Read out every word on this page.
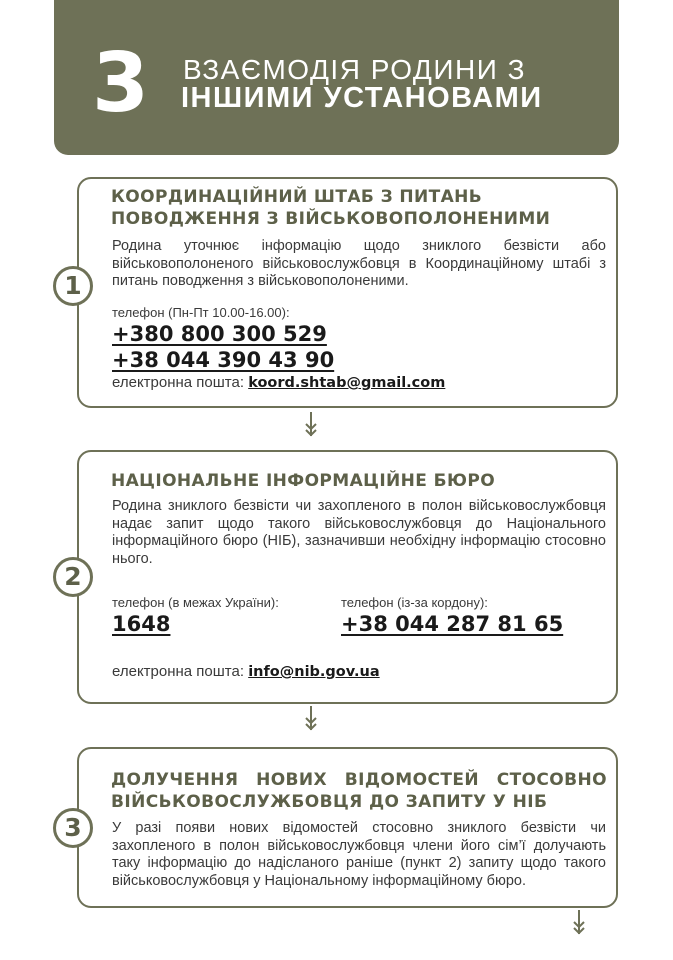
3 ВЗАЄМОДІЯ РОДИНИ З
ІНШИМИ УСТАНОВАМИ
1
КООРДИНАЦІЙНИЙ ШТАБ З ПИТАНЬ
ПОВОДЖЕННЯ З ВІЙСЬКОВОПОЛОНЕНИМИ
Родина уточнює інформацію щодо зниклого безвісти або військовополоненого військовослужбовця в Координаційному штабі з питань поводження з військовополоненими.
телефон (Пн-Пт 10.00-16.00):
+380 800 300 529
+38 044 390 43 90
електронна пошта: koord.shtab@gmail.com
2
НАЦІОНАЛЬНЕ ІНФОРМАЦІЙНЕ БЮРО
Родина зниклого безвісти чи захопленого в полон військовослужбовця надає запит щодо такого військовослужбовця до Національного інформаційного бюро (НІБ), зазначивши необхідну інформацію стосовно нього.
телефон (в межах України):
1648
телефон (із-за кордону):
+38 044 287 81 65
електронна пошта: info@nib.gov.ua
3
ДОЛУЧЕННЯ НОВИХ ВІДОМОСТЕЙ СТОСОВНО
ВІЙСЬКОВОСЛУЖБОВЦЯ ДО ЗАПИТУ У НІБ
У разі появи нових відомостей стосовно зниклого безвісти чи захопленого в полон військовослужбовця члени його сім’ї долучають таку інформацію до надісланого раніше (пункт 2) запиту щодо такого військовослужбовця у Національному інформаційному бюро.
